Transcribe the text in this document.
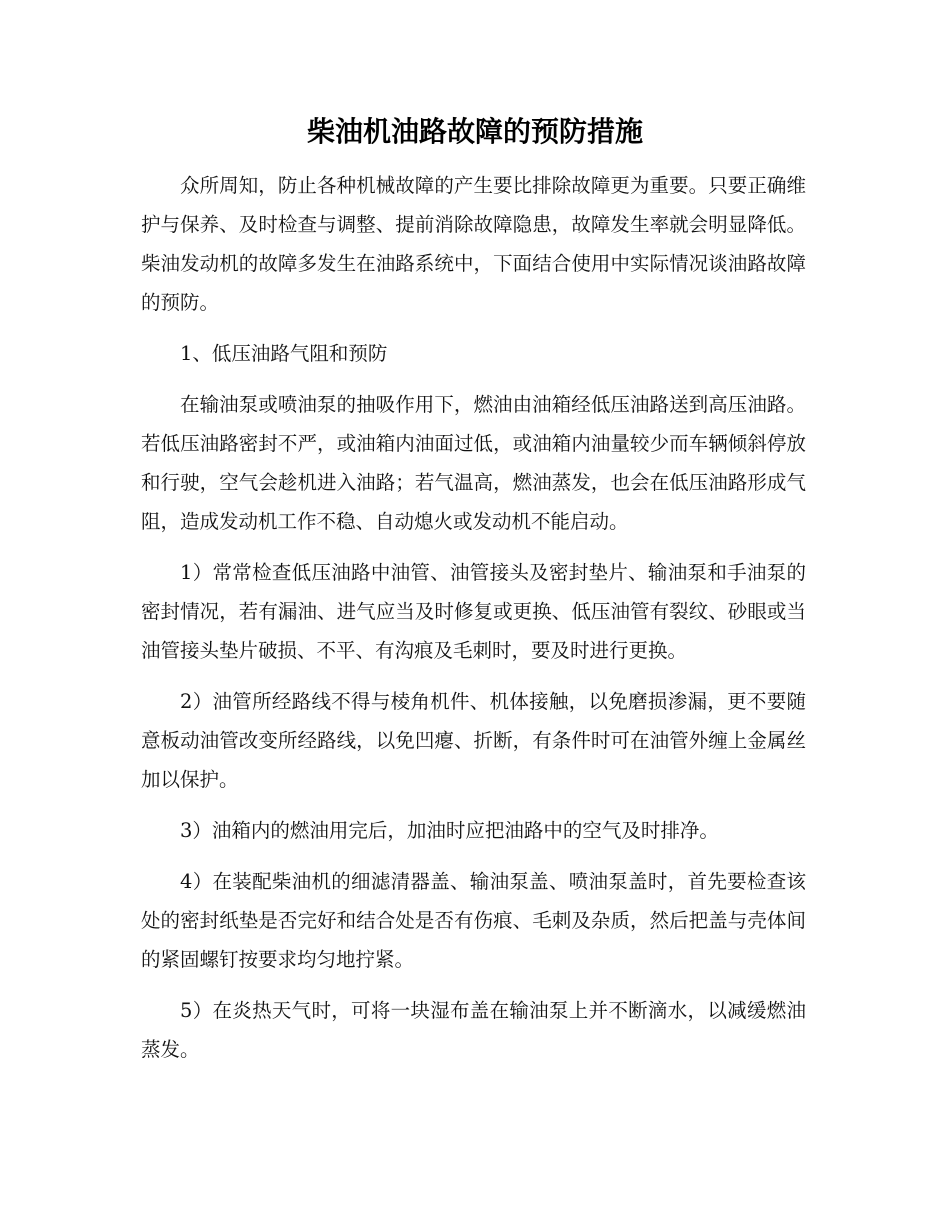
柴油机油路故障的预防措施

众所周知，防止各种机械故障的产生要比排除故障更为重要。只要正确维护与保养、及时检查与调整、提前消除故障隐患，故障发生率就会明显降低。柴油发动机的故障多发生在油路系统中，下面结合使用中实际情况谈油路故障的预防。

1、低压油路气阻和预防

在输油泵或喷油泵的抽吸作用下，燃油由油箱经低压油路送到高压油路。若低压油路密封不严，或油箱内油面过低，或油箱内油量较少而车辆倾斜停放和行驶，空气会趁机进入油路；若气温高，燃油蒸发，也会在低压油路形成气阻，造成发动机工作不稳、自动熄火或发动机不能启动。

1）常常检查低压油路中油管、油管接头及密封垫片、输油泵和手油泵的密封情况，若有漏油、进气应当及时修复或更换、低压油管有裂纹、砂眼或当油管接头垫片破损、不平、有沟痕及毛刺时，要及时进行更换。

2）油管所经路线不得与棱角机件、机体接触，以免磨损渗漏，更不要随意板动油管改变所经路线，以免凹瘪、折断，有条件时可在油管外缠上金属丝加以保护。

3）油箱内的燃油用完后，加油时应把油路中的空气及时排净。

4）在装配柴油机的细滤清器盖、输油泵盖、喷油泵盖时，首先要检查该处的密封纸垫是否完好和结合处是否有伤痕、毛刺及杂质，然后把盖与壳体间的紧固螺钉按要求均匀地拧紧。

5）在炎热天气时，可将一块湿布盖在输油泵上并不断滴水，以减缓燃油蒸发。
